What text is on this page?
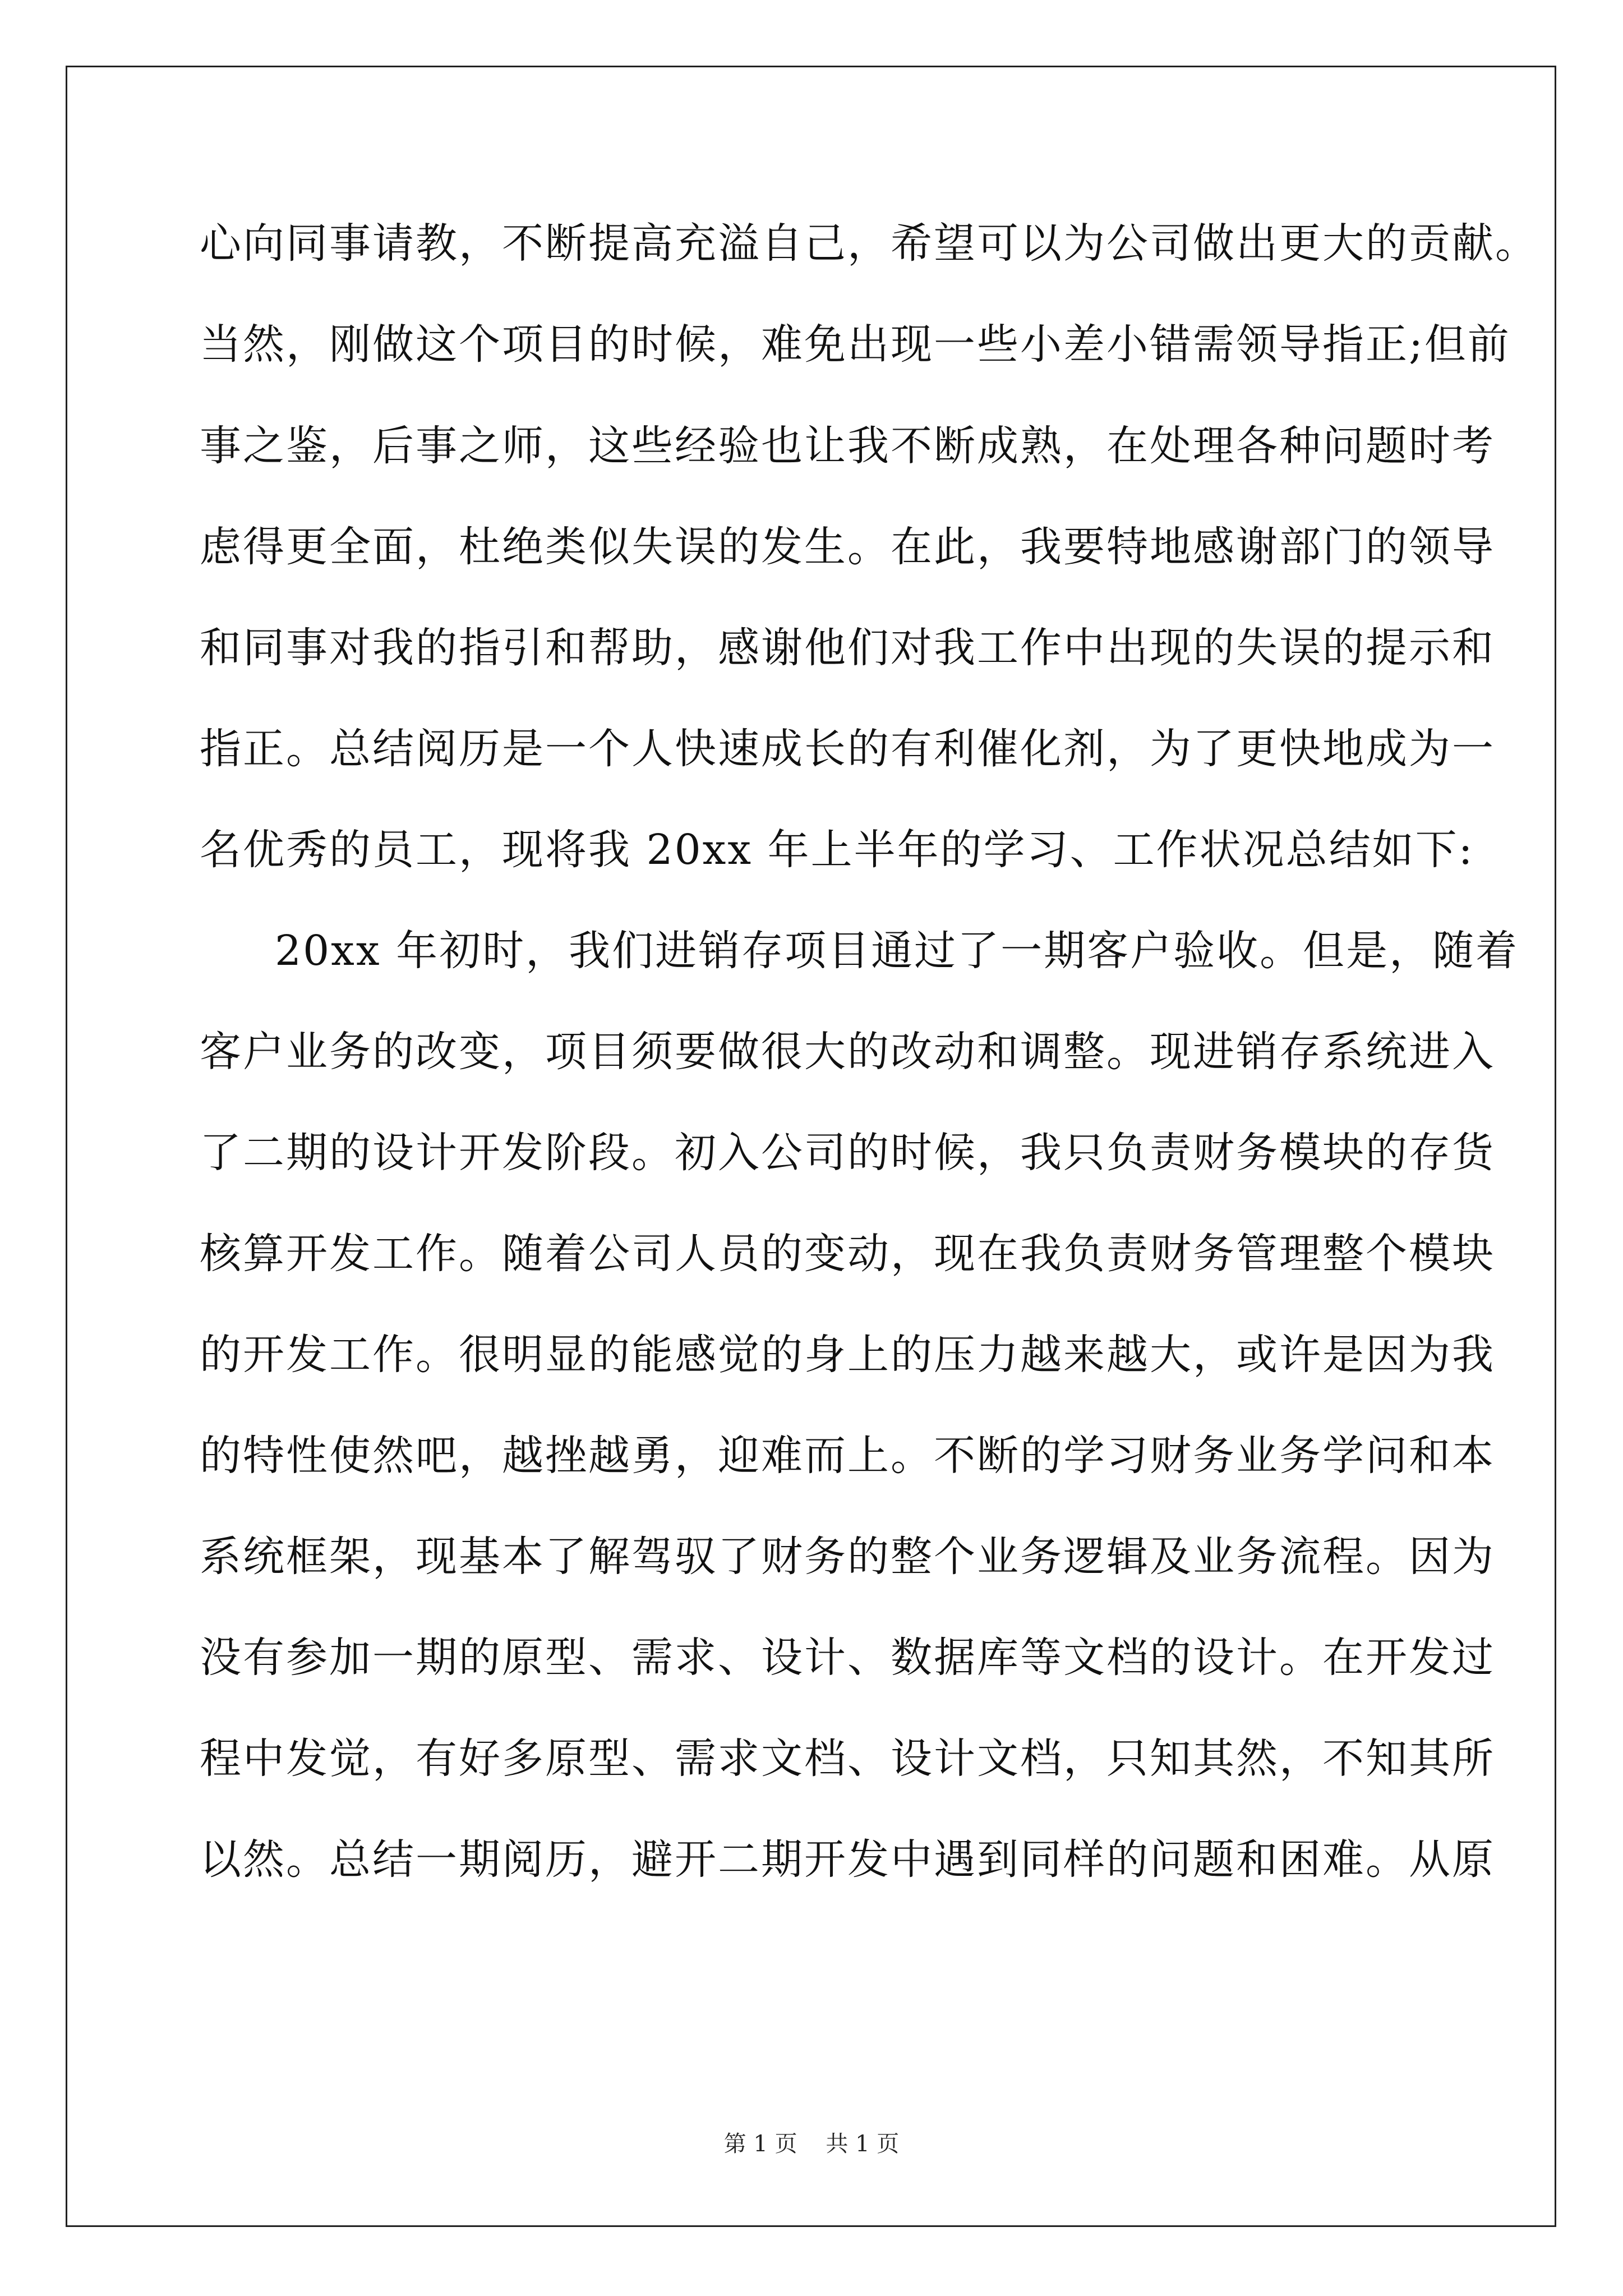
心向同事请教，不断提高充溢自己，希望可以为公司做出更大的贡献。

当然，刚做这个项目的时候，难免出现一些小差小错需领导指正;但前

事之鉴，后事之师，这些经验也让我不断成熟，在处理各种问题时考

虑得更全面，杜绝类似失误的发生。在此，我要特地感谢部门的领导

和同事对我的指引和帮助，感谢他们对我工作中出现的失误的提示和

指正。总结阅历是一个人快速成长的有利催化剂，为了更快地成为一

名优秀的员工，现将我 20xx 年上半年的学习、工作状况总结如下:

20xx 年初时，我们进销存项目通过了一期客户验收。但是，随着

客户业务的改变，项目须要做很大的改动和调整。现进销存系统进入

了二期的设计开发阶段。初入公司的时候，我只负责财务模块的存货

核算开发工作。随着公司人员的变动，现在我负责财务管理整个模块

的开发工作。很明显的能感觉的身上的压力越来越大，或许是因为我

的特性使然吧，越挫越勇，迎难而上。不断的学习财务业务学问和本

系统框架，现基本了解驾驭了财务的整个业务逻辑及业务流程。因为

没有参加一期的原型、需求、设计、数据库等文档的设计。在开发过

程中发觉，有好多原型、需求文档、设计文档，只知其然，不知其所

以然。总结一期阅历，避开二期开发中遇到同样的问题和困难。从原

第 1 页    共 1 页
